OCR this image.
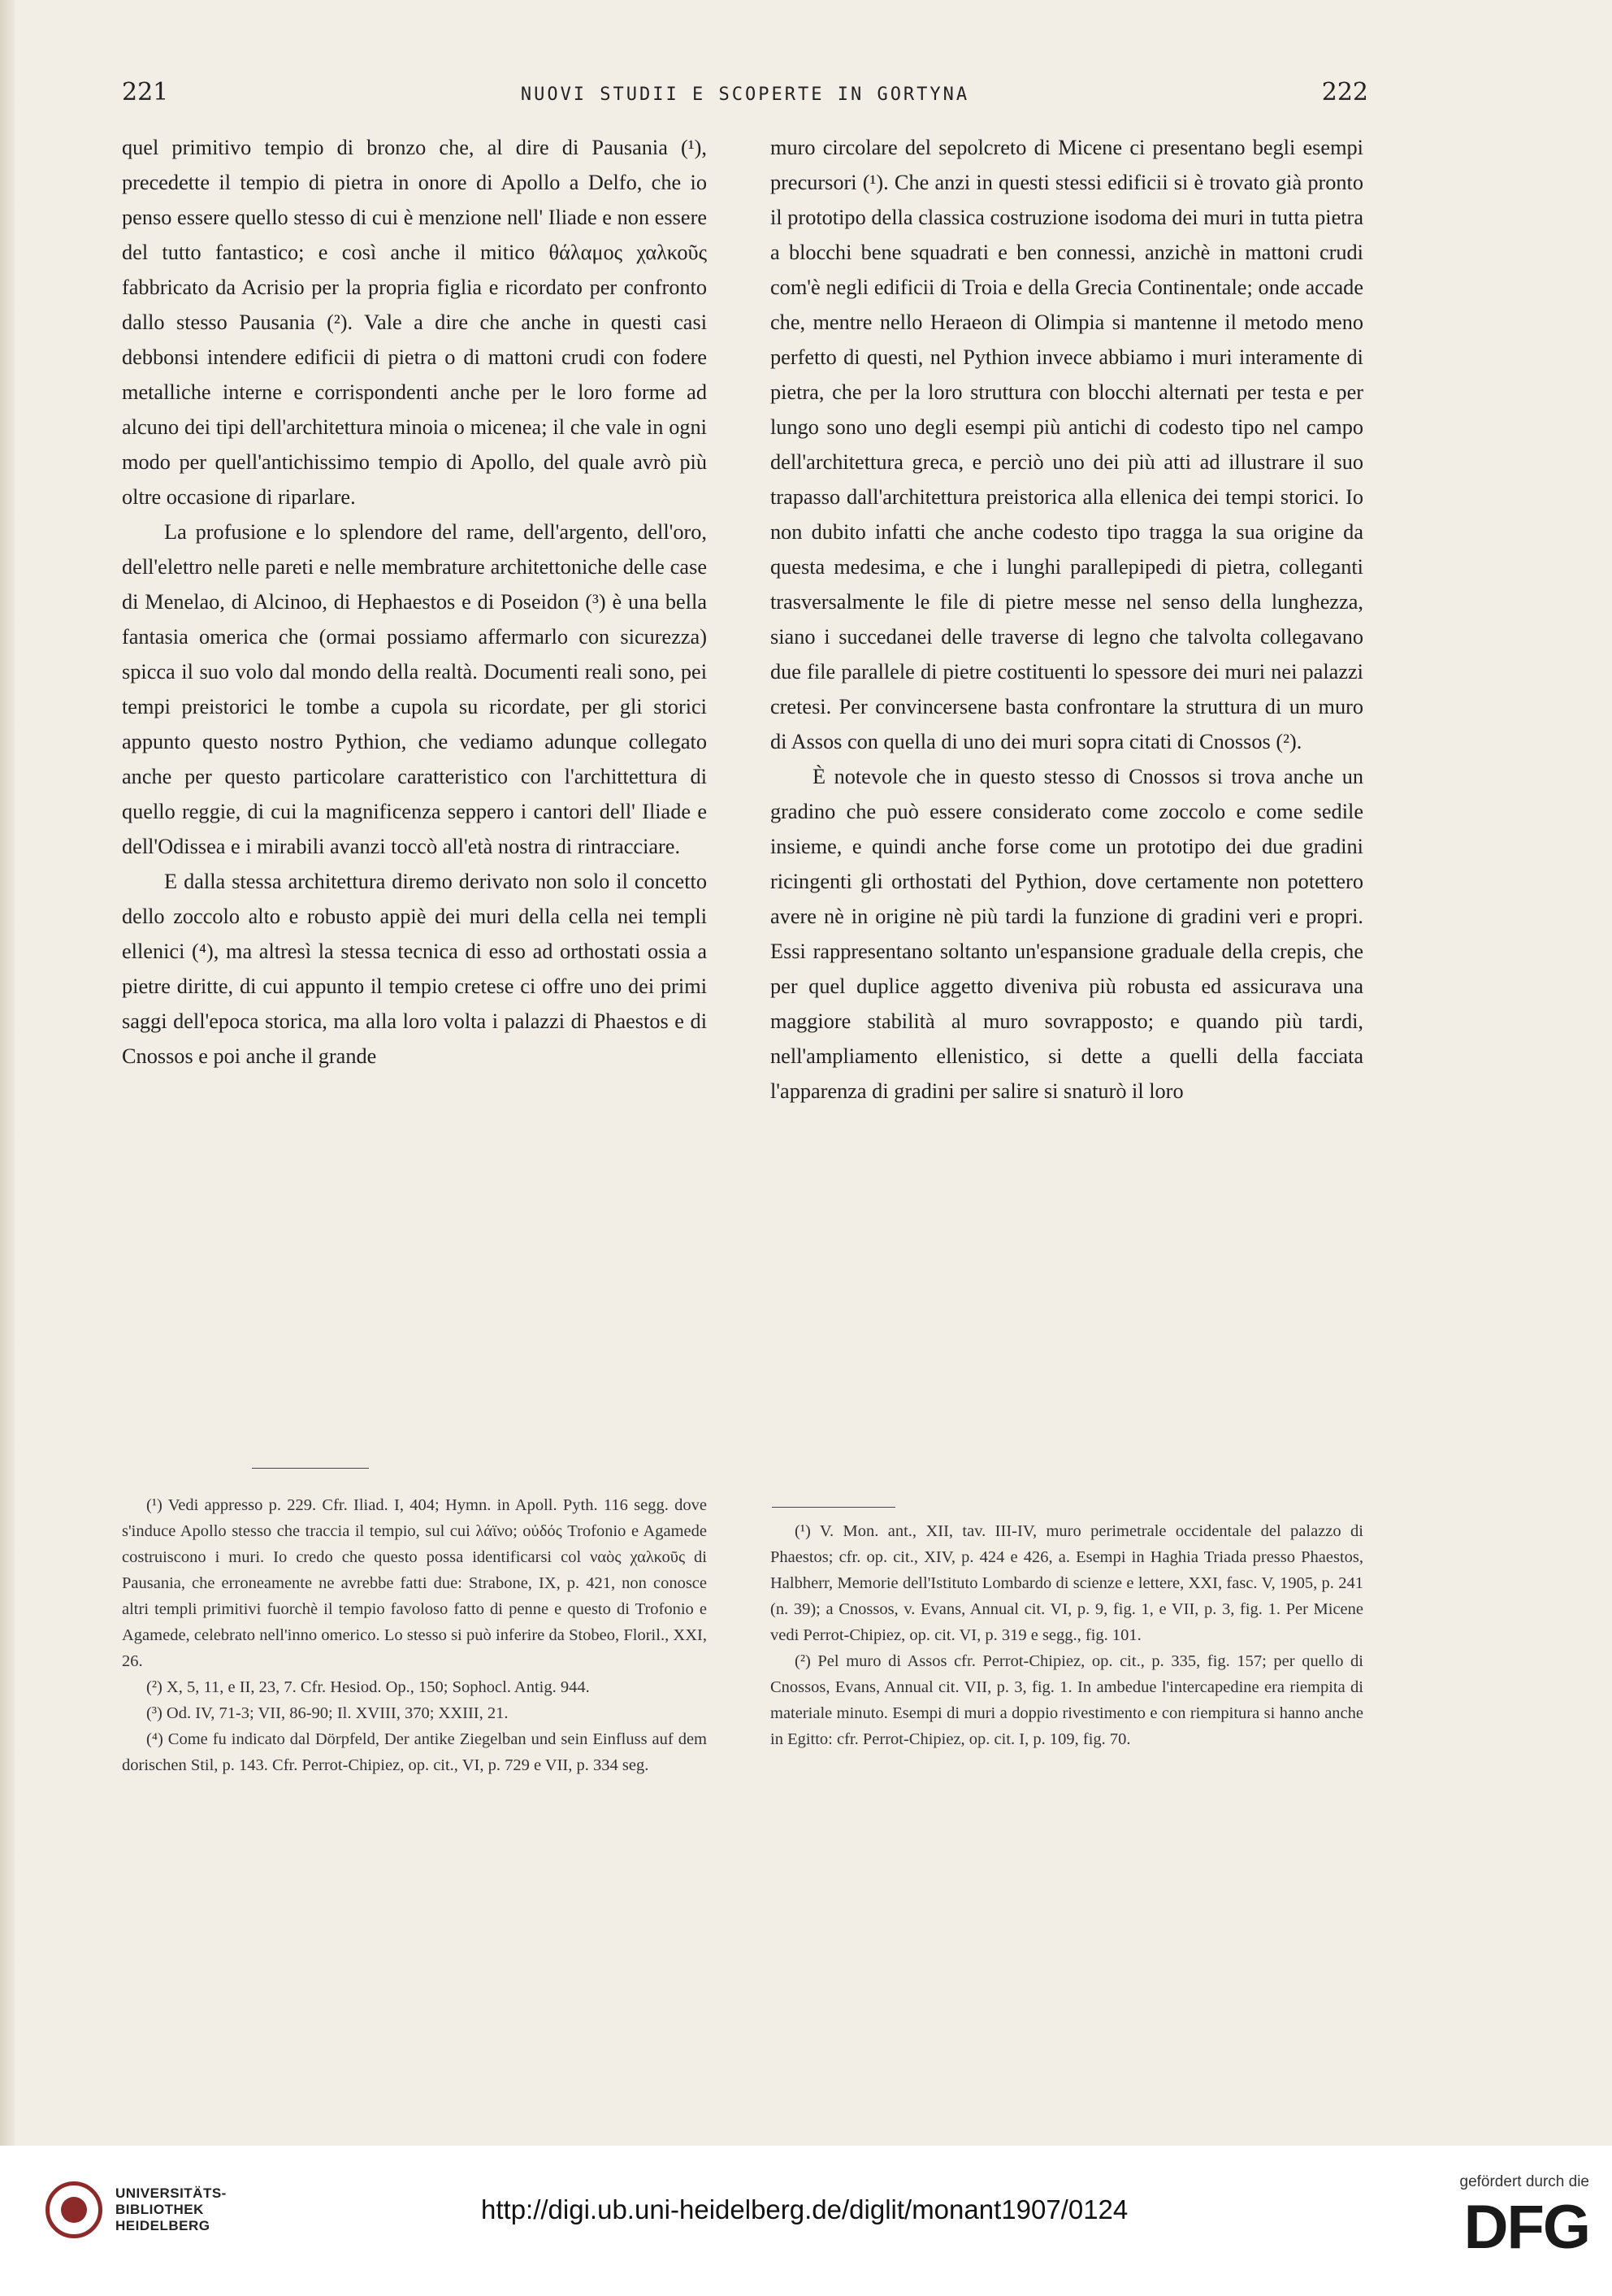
221	NUOVI STUDII E SCOPERTE IN GORTYNA	222

quel primitivo tempio di bronzo che, al dire di Pausania (¹), precedette il tempio di pietra in onore di Apollo a Delfo, che io penso essere quello stesso di cui è menzione nell' Iliade e non essere del tutto fantastico; e così anche il mitico θάλαμος χαλκοῦς fabbricato da Acrisio per la propria figlia e ricordato per confronto dallo stesso Pausania (²). Vale a dire che anche in questi casi debbonsi intendere edificii di pietra o di mattoni crudi con fodere metalliche interne e corrispondenti anche per le loro forme ad alcuno dei tipi dell'architettura minoia o micenea; il che vale in ogni modo per quell'antichissimo tempio di Apollo, del quale avrò più oltre occasione di riparlare.

La profusione e lo splendore del rame, dell'argento, dell'oro, dell'elettro nelle pareti e nelle membrature architettoniche delle case di Menelao, di Alcinoo, di Hephaestos e di Poseidon (³) è una bella fantasia omerica che (ormai possiamo affermarlo con sicurezza) spicca il suo volo dal mondo della realtà. Documenti reali sono, pei tempi preistorici le tombe a cupola su ricordate, per gli storici appunto questo nostro Pythion, che vediamo adunque collegato anche per questo particolare caratteristico con l'archittettura di quello reggie, di cui la magnificenza seppero i cantori dell' Iliade e dell'Odissea e i mirabili avanzi toccò all'età nostra di rintracciare.

E dalla stessa architettura diremo derivato non solo il concetto dello zoccolo alto e robusto appiè dei muri della cella nei templi ellenici (⁴), ma altresì la stessa tecnica di esso ad orthostati ossia a pietre diritte, di cui appunto il tempio cretese ci offre uno dei primi saggi dell'epoca storica, ma alla loro volta i palazzi di Phaestos e di Cnossos e poi anche il grande

muro circolare del sepolcreto di Micene ci presentano begli esempi precursori (¹). Che anzi in questi stessi edificii si è trovato già pronto il prototipo della classica costruzione isodoma dei muri in tutta pietra a blocchi bene squadrati e ben connessi, anzichè in mattoni crudi com'è negli edificii di Troia e della Grecia Continentale; onde accade che, mentre nello Heraeon di Olimpia si mantenne il metodo meno perfetto di questi, nel Pythion invece abbiamo i muri interamente di pietra, che per la loro struttura con blocchi alternati per testa e per lungo sono uno degli esempi più antichi di codesto tipo nel campo dell'architettura greca, e perciò uno dei più atti ad illustrare il suo trapasso dall'architettura preistorica alla ellenica dei tempi storici. Io non dubito infatti che anche codesto tipo tragga la sua origine da questa medesima, e che i lunghi parallepipedi di pietra, colleganti trasversalmente le file di pietre messe nel senso della lunghezza, siano i succedanei delle traverse di legno che talvolta collegavano due file parallele di pietre costituenti lo spessore dei muri nei palazzi cretesi. Per convincersene basta confrontare la struttura di un muro di Assos con quella di uno dei muri sopra citati di Cnossos (²).

È notevole che in questo stesso di Cnossos si trova anche un gradino che può essere considerato come zoccolo e come sedile insieme, e quindi anche forse come un prototipo dei due gradini ricingenti gli orthostati del Pythion, dove certamente non potettero avere nè in origine nè più tardi la funzione di gradini veri e propri. Essi rappresentano soltanto un'espansione graduale della crepis, che per quel duplice aggetto diveniva più robusta ed assicurava una maggiore stabilità al muro sovrapposto; e quando più tardi, nell'ampliamento ellenistico, si dette a quelli della facciata l'apparenza di gradini per salire si snaturò il loro

(¹) Vedi appresso p. 229. Cfr. Iliad. I, 404; Hymn. in Apoll. Pyth. 116 segg. dove s'induce Apollo stesso che traccia il tempio, sul cui λάϊνο; οὐδός Trofonio e Agamede costruiscono i muri. Io credo che questo possa identificarsi col ναὸς χαλκοῦς di Pausania, che erroneamente ne avrebbe fatti due: Strabone, IX, p. 421, non conosce altri templi primitivi fuorchè il tempio favoloso fatto di penne e questo di Trofonio e Agamede, celebrato nell'inno omerico. Lo stesso si può inferire da Stobeo, Floril., XXI, 26.

(²) X, 5, 11, e II, 23, 7. Cfr. Hesiod. Op., 150; Sophocl. Antig. 944.

(³) Od. IV, 71-3; VII, 86-90; Il. XVIII, 370; XXIII, 21.

(⁴) Come fu indicato dal Dörpfeld, Der antike Ziegelban und sein Einfluss auf dem dorischen Stil, p. 143. Cfr. Perrot-Chipiez, op. cit., VI, p. 729 e VII, p. 334 seg.

(¹) V. Mon. ant., XII, tav. III-IV, muro perimetrale occidentale del palazzo di Phaestos; cfr. op. cit., XIV, p. 424 e 426, a. Esempi in Haghia Triada presso Phaestos, Halbherr, Memorie dell'Istituto Lombardo di scienze e lettere, XXI, fasc. V, 1905, p. 241 (n. 39); a Cnossos, v. Evans, Annual cit. VI, p. 9, fig. 1, e VII, p. 3, fig. 1. Per Micene vedi Perrot-Chipiez, op. cit. VI, p. 319 e segg., fig. 101.

(²) Pel muro di Assos cfr. Perrot-Chipiez, op. cit., p. 335, fig. 157; per quello di Cnossos, Evans, Annual cit. VII, p. 3, fig. 1. In ambedue l'intercapedine era riempita di materiale minuto. Esempi di muri a doppio rivestimento e con riempitura si hanno anche in Egitto: cfr. Perrot-Chipiez, op. cit. I, p. 109, fig. 70.

UNIVERSITÄTS-
BIBLIOTHEK
HEIDELBERG
http://digi.ub.uni-heidelberg.de/diglit/monant1907/0124
gefördert durch die
DFG
